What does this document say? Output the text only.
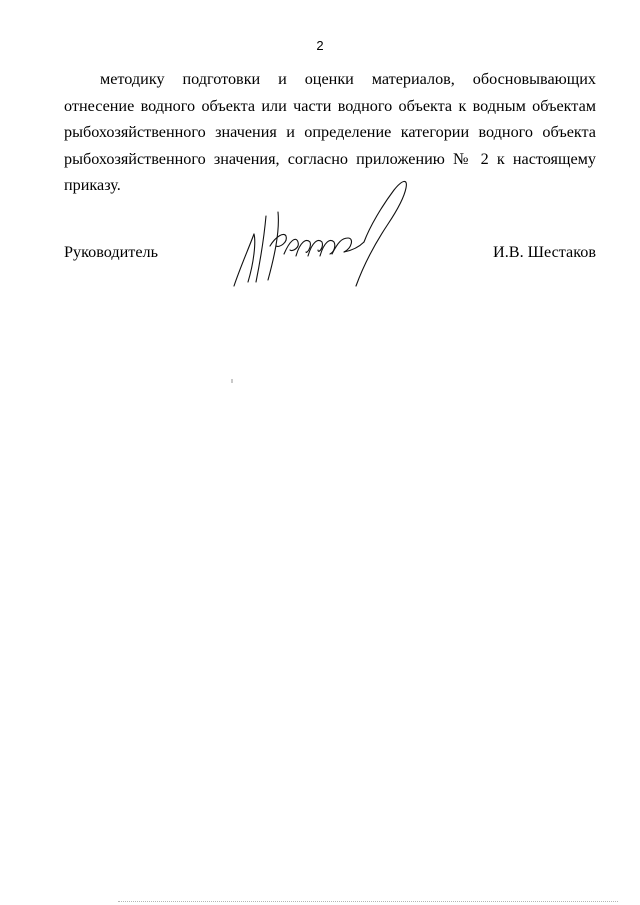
2

методику подготовки и оценки материалов, обосновывающих отнесение водного объекта или части водного объекта к водным объектам рыбохозяйственного значения и определение категории водного объекта рыбохозяйственного значения, согласно приложению № 2 к настоящему приказу.

Руководитель	И.В. Шестаков
